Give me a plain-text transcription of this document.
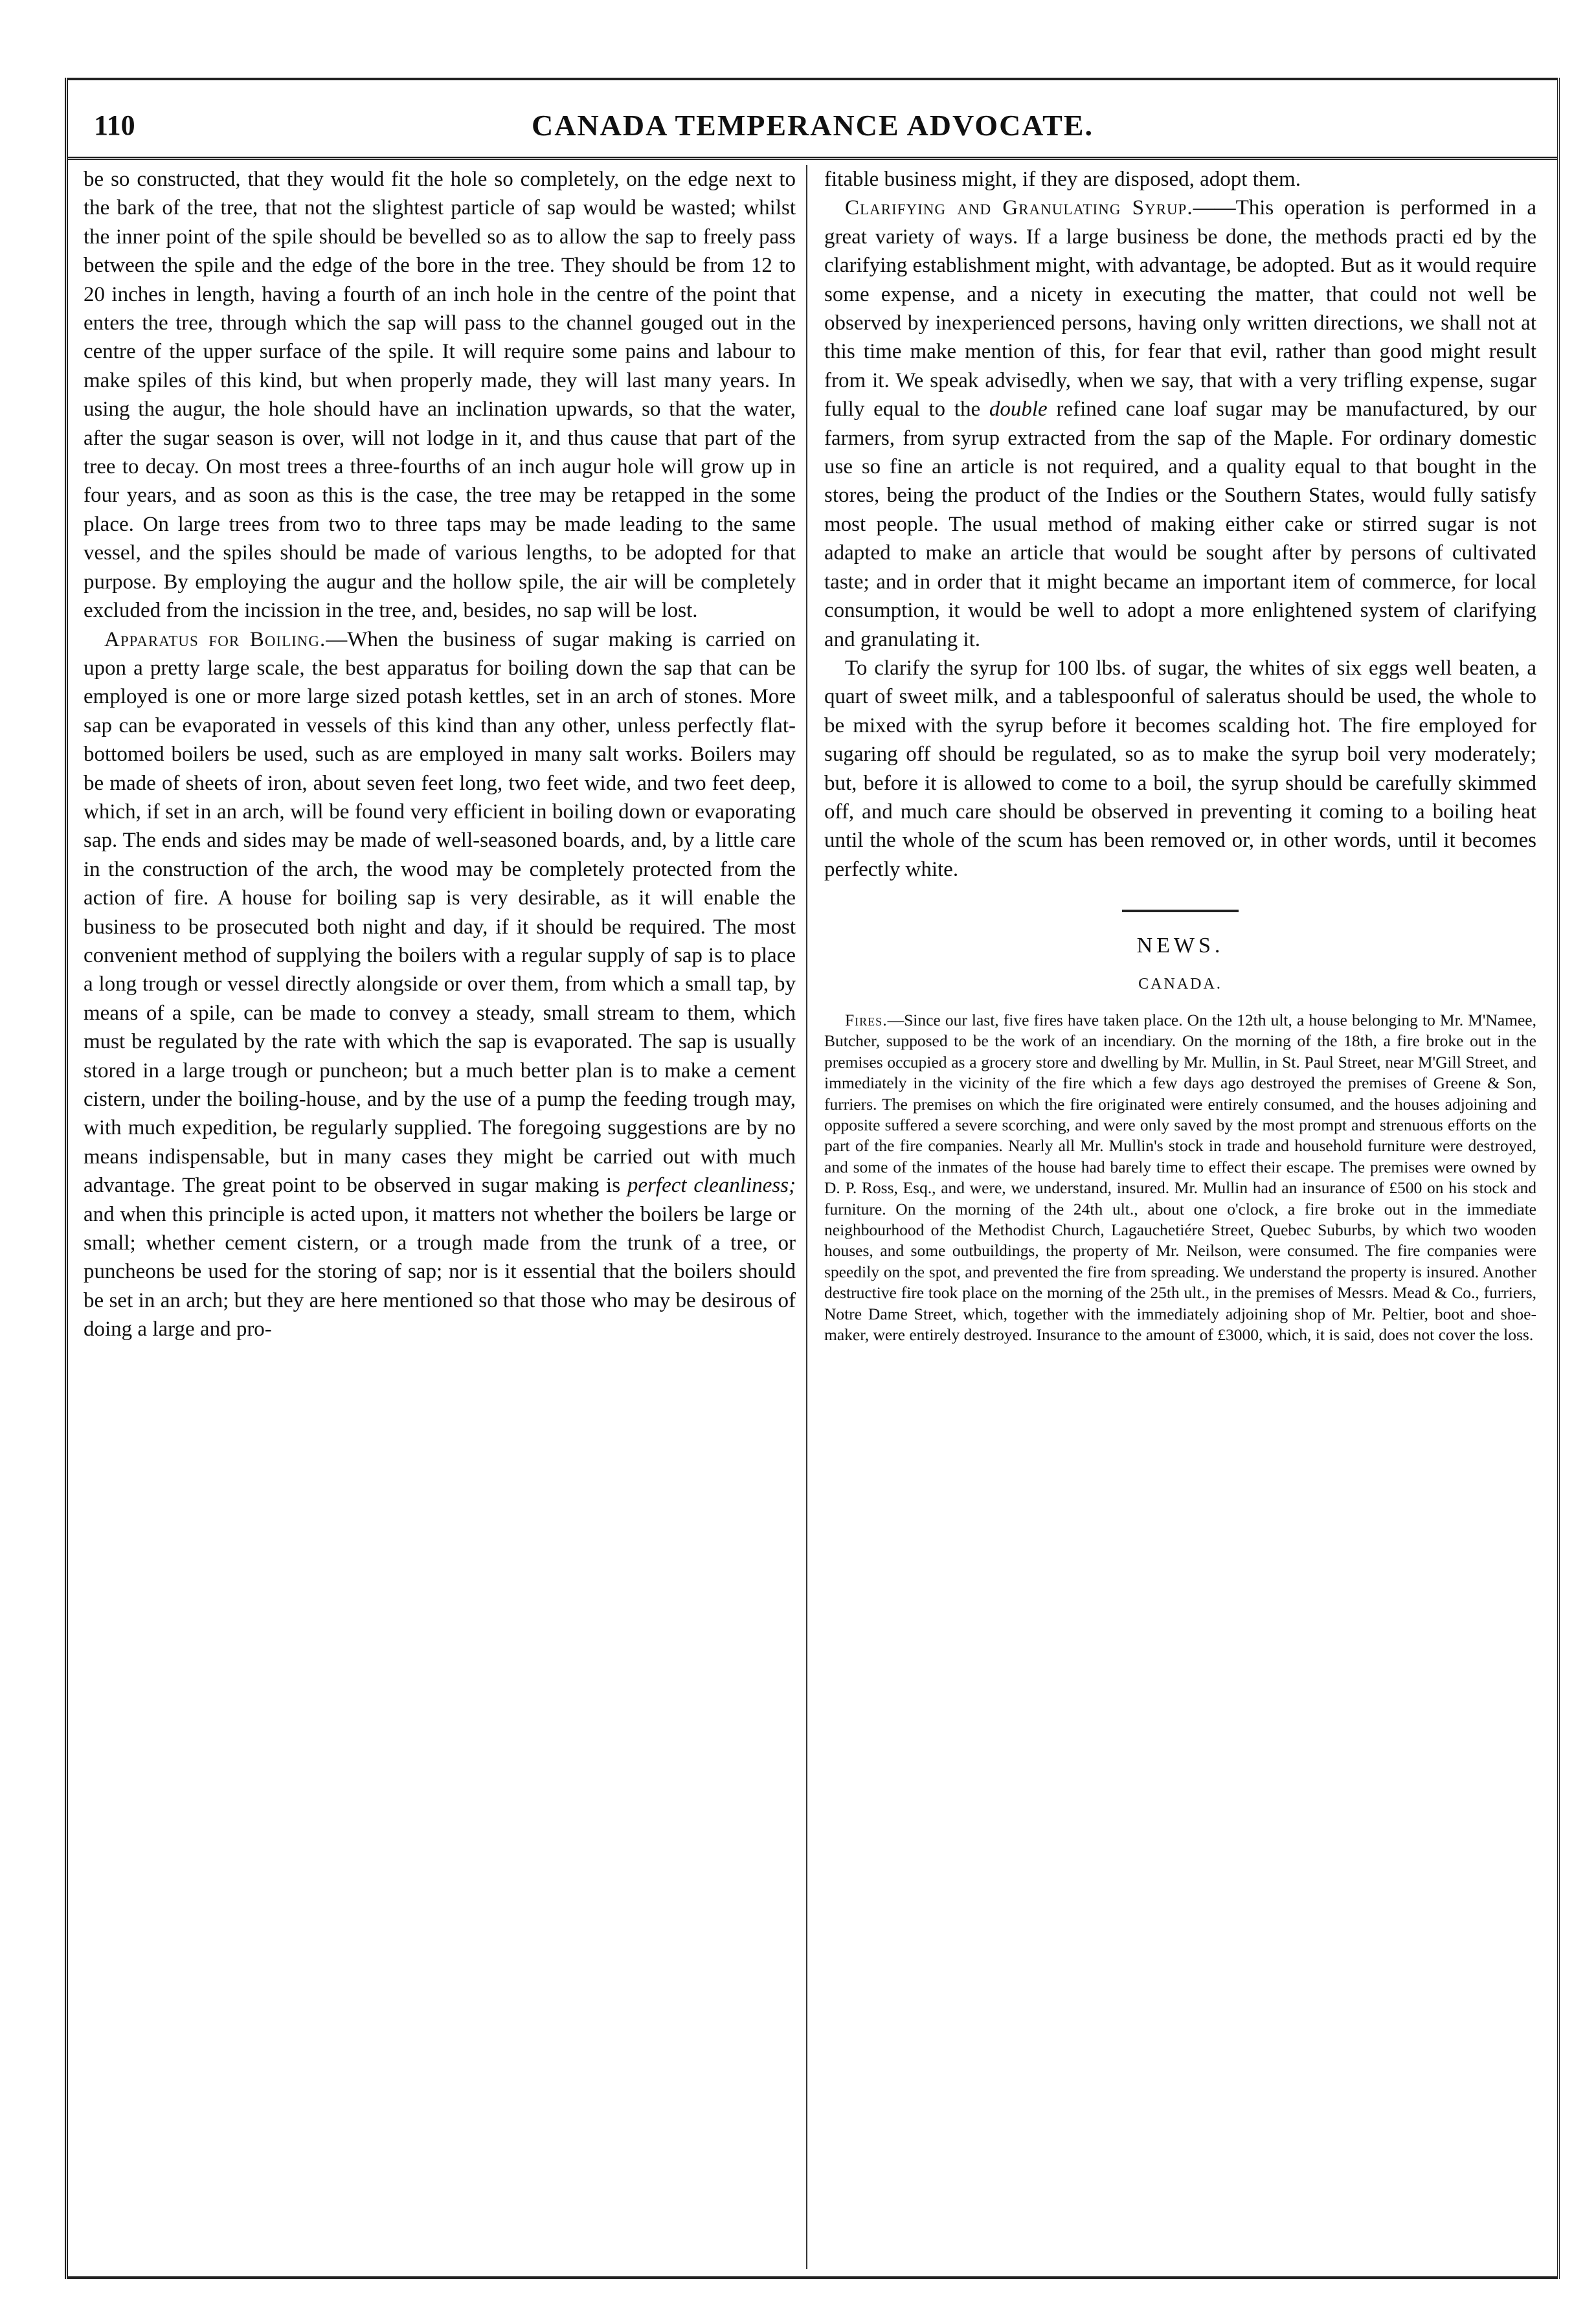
110	CANADA TEMPERANCE ADVOCATE.

be so constructed, that they would fit the hole so completely, on the edge next to the bark of the tree, that not the slightest particle of sap would be wasted; whilst the inner point of the spile should be bevelled so as to allow the sap to freely pass between the spile and the edge of the bore in the tree. They should be from 12 to 20 inches in length, having a fourth of an inch hole in the centre of the point that enters the tree, through which the sap will pass to the channel gouged out in the centre of the upper surface of the spile. It will require some pains and labour to make spiles of this kind, but when properly made, they will last many years. In using the augur, the hole should have an inclination upwards, so that the water, after the sugar season is over, will not lodge in it, and thus cause that part of the tree to decay. On most trees a three-fourths of an inch augur hole will grow up in four years, and as soon as this is the case, the tree may be retapped in the some place. On large trees from two to three taps may be made leading to the same vessel, and the spiles should be made of various lengths, to be adopted for that purpose. By employing the augur and the hollow spile, the air will be completely excluded from the incission in the tree, and, besides, no sap will be lost.

Apparatus for Boiling.—When the business of sugar making is carried on upon a pretty large scale, the best apparatus for boiling down the sap that can be employed is one or more large sized potash kettles, set in an arch of stones. More sap can be evaporated in vessels of this kind than any other, unless perfectly flat-bottomed boilers be used, such as are employed in many salt works. Boilers may be made of sheets of iron, about seven feet long, two feet wide, and two feet deep, which, if set in an arch, will be found very efficient in boiling down or evaporating sap. The ends and sides may be made of well-seasoned boards, and, by a little care in the construction of the arch, the wood may be completely protected from the action of fire. A house for boiling sap is very desirable, as it will enable the business to be prosecuted both night and day, if it should be required. The most convenient method of supplying the boilers with a regular supply of sap is to place a long trough or vessel directly alongside or over them, from which a small tap, by means of a spile, can be made to convey a steady, small stream to them, which must be regulated by the rate with which the sap is evaporated. The sap is usually stored in a large trough or puncheon; but a much better plan is to make a cement cistern, under the boiling-house, and by the use of a pump the feeding trough may, with much expedition, be regularly supplied. The foregoing suggestions are by no means indispensable, but in many cases they might be carried out with much advantage. The great point to be observed in sugar making is perfect cleanliness; and when this principle is acted upon, it matters not whether the boilers be large or small; whether cement cistern, or a trough made from the trunk of a tree, or puncheons be used for the storing of sap; nor is it essential that the boilers should be set in an arch; but they are here mentioned so that those who may be desirous of doing a large and pro-

fitable business might, if they are disposed, adopt them.

Clarifying and Granulating Syrup.——This operation is performed in a great variety of ways. If a large business be done, the methods practi ed by the clarifying establishment might, with advantage, be adopted. But as it would require some expense, and a nicety in executing the matter, that could not well be observed by inexperienced persons, having only written directions, we shall not at this time make mention of this, for fear that evil, rather than good might result from it. We speak advisedly, when we say, that with a very trifling expense, sugar fully equal to the double refined cane loaf sugar may be manufactured, by our farmers, from syrup extracted from the sap of the Maple. For ordinary domestic use so fine an article is not required, and a quality equal to that bought in the stores, being the product of the Indies or the Southern States, would fully satisfy most people. The usual method of making either cake or stirred sugar is not adapted to make an article that would be sought after by persons of cultivated taste; and in order that it might became an important item of commerce, for local consumption, it would be well to adopt a more enlightened system of clarifying and granulating it.

To clarify the syrup for 100 lbs. of sugar, the whites of six eggs well beaten, a quart of sweet milk, and a tablespoonful of saleratus should be used, the whole to be mixed with the syrup before it becomes scalding hot. The fire employed for sugaring off should be regulated, so as to make the syrup boil very moderately; but, before it is allowed to come to a boil, the syrup should be carefully skimmed off, and much care should be observed in preventing it coming to a boiling heat until the whole of the scum has been removed or, in other words, until it becomes perfectly white.

NEWS.
CANADA.

Fires.—Since our last, five fires have taken place. On the 12th ult, a house belonging to Mr. M'Namee, Butcher, supposed to be the work of an incendiary. On the morning of the 18th, a fire broke out in the premises occupied as a grocery store and dwelling by Mr. Mullin, in St. Paul Street, near M'Gill Street, and immediately in the vicinity of the fire which a few days ago destroyed the premises of Greene & Son, furriers. The premises on which the fire originated were entirely consumed, and the houses adjoining and opposite suffered a severe scorching, and were only saved by the most prompt and strenuous efforts on the part of the fire companies. Nearly all Mr. Mullin's stock in trade and household furniture were destroyed, and some of the inmates of the house had barely time to effect their escape. The premises were owned by D. P. Ross, Esq., and were, we understand, insured. Mr. Mullin had an insurance of £500 on his stock and furniture. On the morning of the 24th ult., about one o'clock, a fire broke out in the immediate neighbourhood of the Methodist Church, Lagauchetiére Street, Quebec Suburbs, by which two wooden houses, and some outbuildings, the property of Mr. Neilson, were consumed. The fire companies were speedily on the spot, and prevented the fire from spreading. We understand the property is insured. Another destructive fire took place on the morning of the 25th ult., in the premises of Messrs. Mead & Co., furriers, Notre Dame Street, which, together with the immediately adjoining shop of Mr. Peltier, boot and shoe-maker, were entirely destroyed. Insurance to the amount of £3000, which, it is said, does not cover the loss.
